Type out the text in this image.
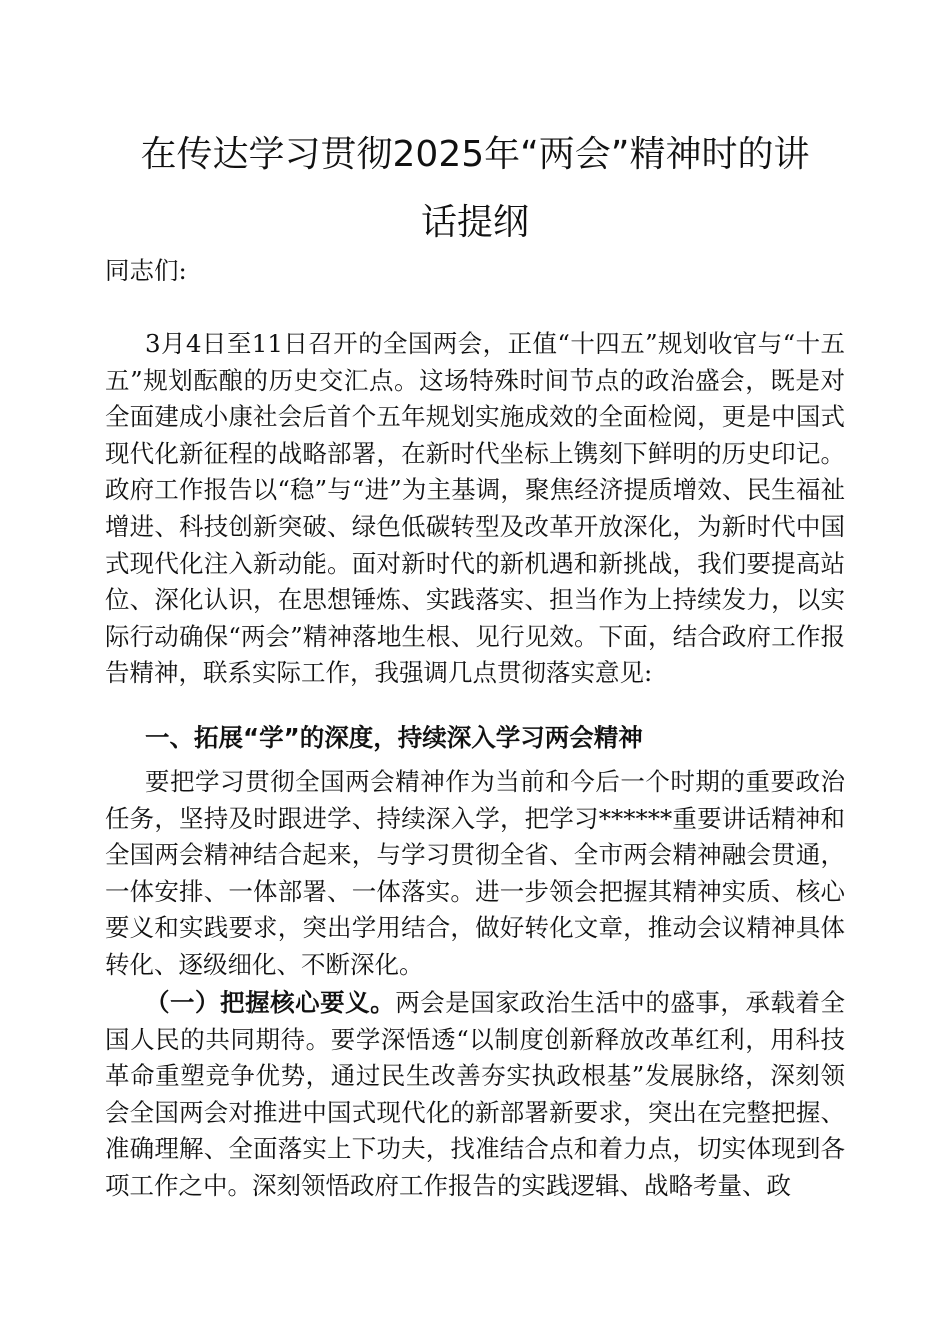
在传达学习贯彻2025年“两会”精神时的讲
话提纲
同志们:
3月4日至11日召开的全国两会，正值“十四五”规划收官与“十五五”规划酝酿的历史交汇点。这场特殊时间节点的政治盛会，既是对全面建成小康社会后首个五年规划实施成效的全面检阅，更是中国式现代化新征程的战略部署，在新时代坐标上镌刻下鲜明的历史印记。政府工作报告以“稳”与“进”为主基调，聚焦经济提质增效、民生福祉增进、科技创新突破、绿色低碳转型及改革开放深化，为新时代中国式现代化注入新动能。面对新时代的新机遇和新挑战，我们要提高站位、深化认识，在思想锤炼、实践落实、担当作为上持续发力，以实际行动确保“两会”精神落地生根、见行见效。下面，结合政府工作报告精神，联系实际工作，我强调几点贯彻落实意见:
一、拓展“学”的深度，持续深入学习两会精神
要把学习贯彻全国两会精神作为当前和今后一个时期的重要政治任务，坚持及时跟进学、持续深入学，把学习******重要讲话精神和全国两会精神结合起来，与学习贯彻全省、全市两会精神融会贯通，一体安排、一体部署、一体落实。进一步领会把握其精神实质、核心要义和实践要求，突出学用结合，做好转化文章，推动会议精神具体转化、逐级细化、不断深化。
（一）把握核心要义。两会是国家政治生活中的盛事，承载着全国人民的共同期待。要学深悟透“以制度创新释放改革红利，用科技革命重塑竞争优势，通过民生改善夯实执政根基”发展脉络，深刻领会全国两会对推进中国式现代化的新部署新要求，突出在完整把握、准确理解、全面落实上下功夫，找准结合点和着力点，切实体现到各项工作之中。深刻领悟政府工作报告的实践逻辑、战略考量、政
